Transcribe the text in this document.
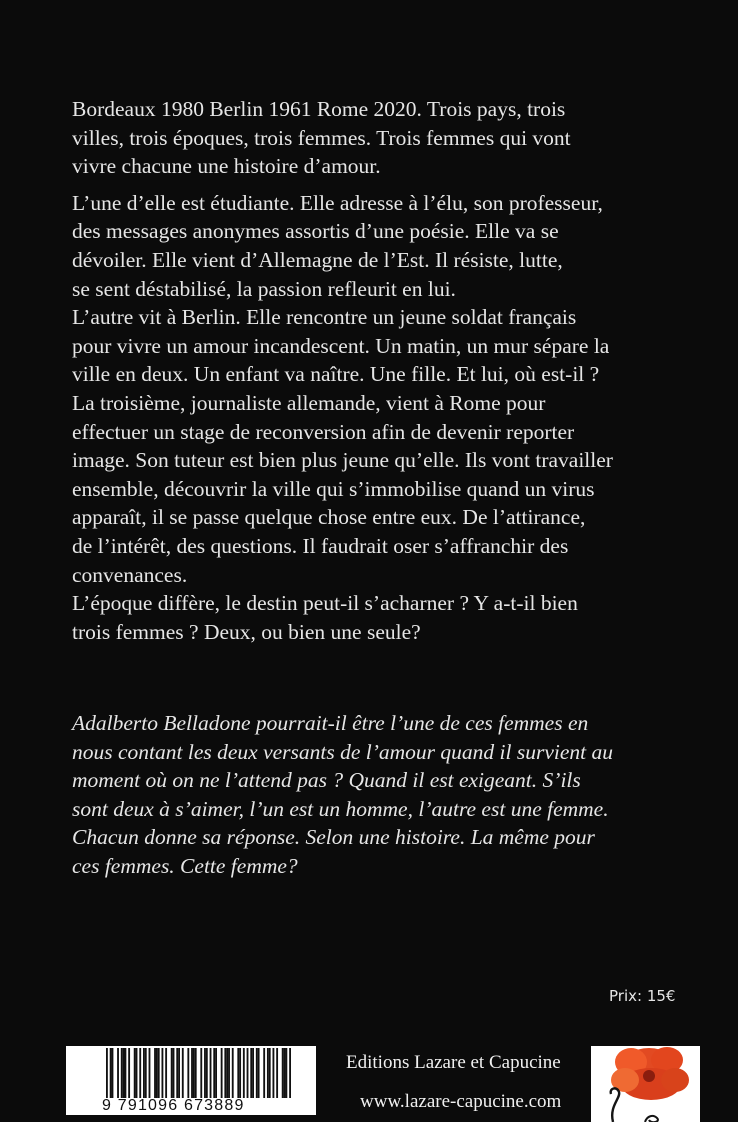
Bordeaux 1980 Berlin 1961 Rome 2020. Trois pays, trois
villes, trois époques, trois femmes. Trois femmes qui vont
vivre chacune une histoire d’amour.

L’une d’elle est étudiante. Elle adresse à l’élu, son professeur,
des messages anonymes assortis d’une poésie. Elle va se
dévoiler. Elle vient d’Allemagne de l’Est. Il résiste, lutte,
se sent déstabilisé, la passion refleurit en lui.
L’autre vit à Berlin. Elle rencontre un jeune soldat français
pour vivre un amour incandescent. Un matin, un mur sépare la
ville en deux. Un enfant va naître. Une fille. Et lui, où est-il ?
La troisième, journaliste allemande, vient à Rome pour
effectuer un stage de reconversion afin de devenir reporter
image. Son tuteur est bien plus jeune qu’elle. Ils vont travailler
ensemble, découvrir la ville qui s’immobilise quand un virus
apparaît, il se passe quelque chose entre eux. De l’attirance,
de l’intérêt, des questions. Il faudrait oser s’affranchir des
convenances.
L’époque diffère, le destin peut-il s’acharner ? Y a-t-il bien
trois femmes ? Deux, ou bien une seule?

Adalberto Belladone pourrait-il être l’une de ces femmes en
nous contant les deux versants de l’amour quand il survient au
moment où on ne l’attend pas ? Quand il est exigeant. S’ils
sont deux à s’aimer, l’un est un homme, l’autre est une femme.
Chacun donne sa réponse. Selon une histoire. La même pour
ces femmes. Cette femme?
Prix: 15€
9 791096 673889
Editions Lazare et Capucine
www.lazare-capucine.com
